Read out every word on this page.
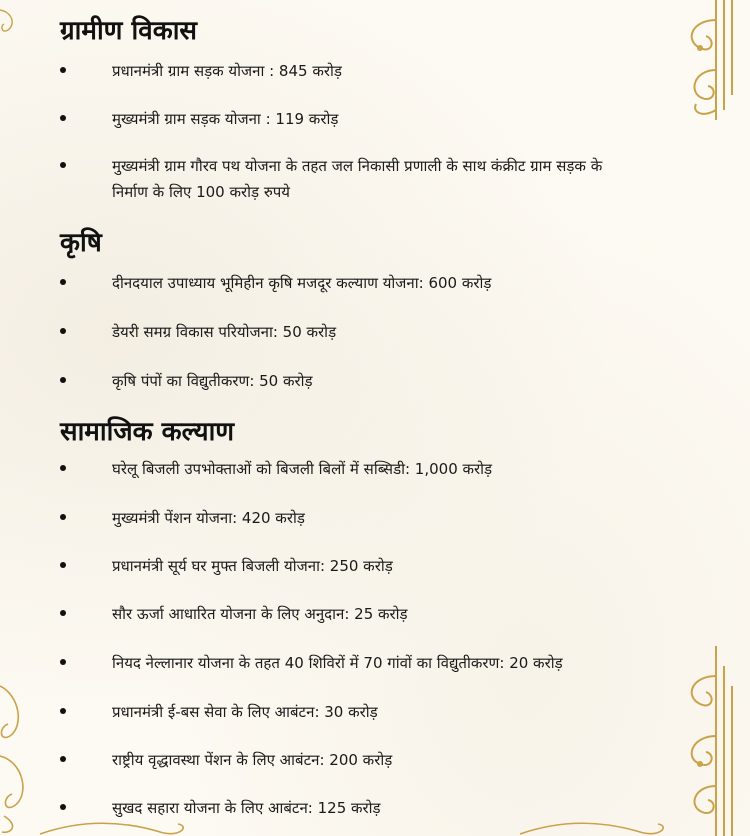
ग्रामीण विकास
प्रधानमंत्री ग्राम सड़क योजना : 845 करोड़
मुख्यमंत्री ग्राम सड़क योजना : 119 करोड़
मुख्यमंत्री ग्राम गौरव पथ योजना के तहत जल निकासी प्रणाली के साथ कंक्रीट ग्राम सड़क के निर्माण के लिए 100 करोड़ रुपये
कृषि
दीनदयाल उपाध्याय भूमिहीन कृषि मजदूर कल्याण योजना: 600 करोड़
डेयरी समग्र विकास परियोजना: 50 करोड़
कृषि पंपों का विद्युतीकरण: 50 करोड़
सामाजिक कल्याण
घरेलू बिजली उपभोक्ताओं को बिजली बिलों में सब्सिडी: 1,000 करोड़
मुख्यमंत्री पेंशन योजना: 420 करोड़
प्रधानमंत्री सूर्य घर मुफ्त बिजली योजना: 250 करोड़
सौर ऊर्जा आधारित योजना के लिए अनुदान: 25 करोड़
नियद नेल्लानार योजना के तहत 40 शिविरों में 70 गांवों का विद्युतीकरण: 20 करोड़
प्रधानमंत्री ई-बस सेवा के लिए आबंटन: 30 करोड़
राष्ट्रीय वृद्धावस्था पेंशन के लिए आबंटन: 200 करोड़
सुखद सहारा योजना के लिए आबंटन: 125 करोड़
